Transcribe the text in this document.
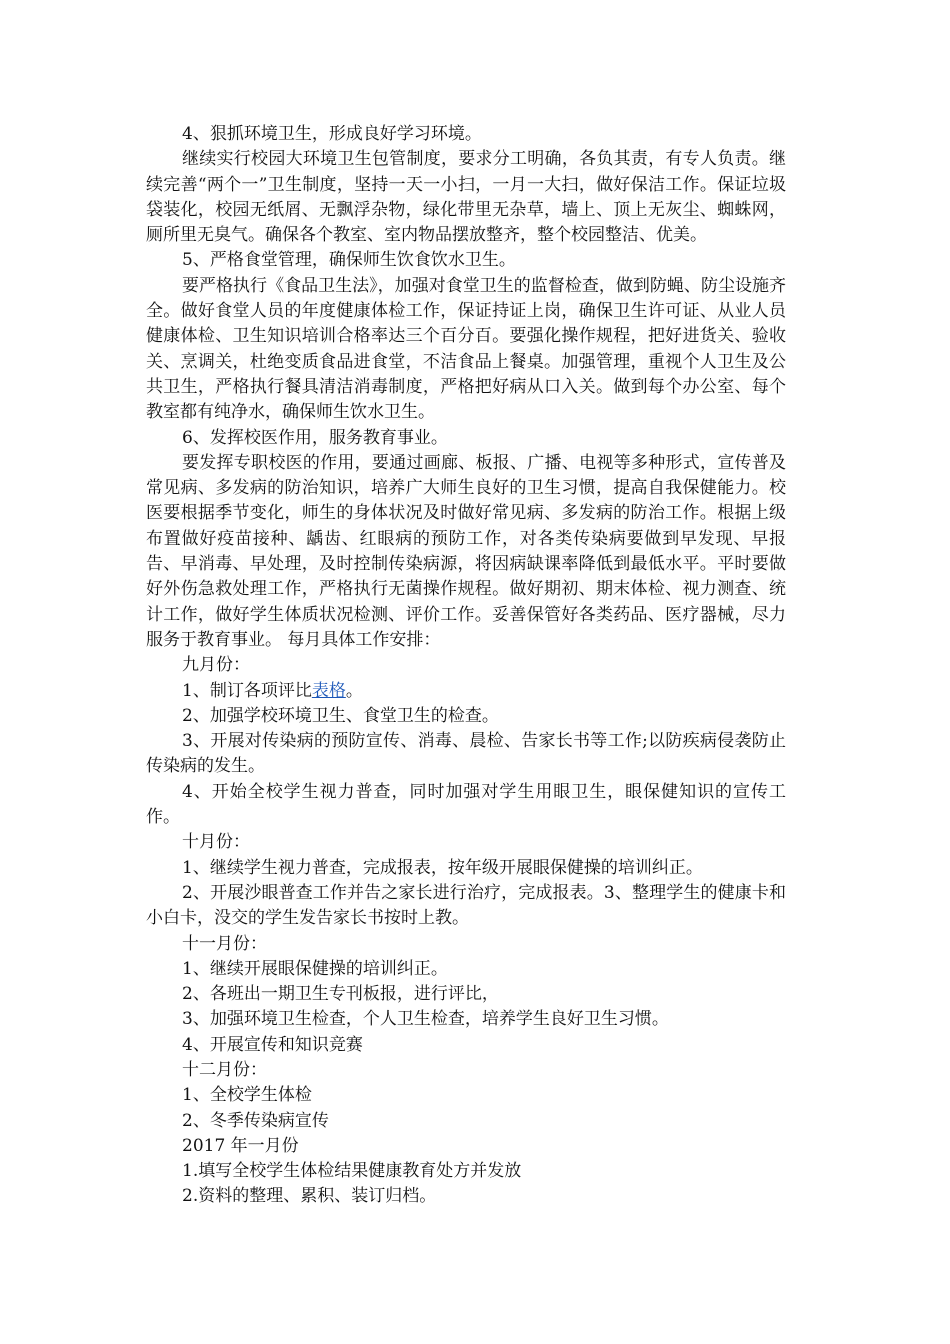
4、狠抓环境卫生，形成良好学习环境。

继续实行校园大环境卫生包管制度，要求分工明确，各负其责，有专人负责。继续完善“两个一”卫生制度，坚持一天一小扫，一月一大扫，做好保洁工作。保证垃圾袋装化，校园无纸屑、无飘浮杂物，绿化带里无杂草，墙上、顶上无灰尘、蜘蛛网，厕所里无臭气。确保各个教室、室内物品摆放整齐，整个校园整洁、优美。

5、严格食堂管理，确保师生饮食饮水卫生。

要严格执行《食品卫生法》，加强对食堂卫生的监督检查，做到防蝇、防尘设施齐全。做好食堂人员的年度健康体检工作，保证持证上岗，确保卫生许可证、从业人员健康体检、卫生知识培训合格率达三个百分百。要强化操作规程，把好进货关、验收关、烹调关，杜绝变质食品进食堂，不洁食品上餐桌。加强管理，重视个人卫生及公共卫生，严格执行餐具清洁消毒制度，严格把好病从口入关。做到每个办公室、每个教室都有纯净水，确保师生饮水卫生。

6、发挥校医作用，服务教育事业。

要发挥专职校医的作用，要通过画廊、板报、广播、电视等多种形式，宣传普及常见病、多发病的防治知识，培养广大师生良好的卫生习惯，提高自我保健能力。校医要根据季节变化，师生的身体状况及时做好常见病、多发病的防治工作。根据上级布置做好疫苗接种、龋齿、红眼病的预防工作，对各类传染病要做到早发现、早报告、早消毒、早处理，及时控制传染病源，将因病缺课率降低到最低水平。平时要做好外伤急救处理工作，严格执行无菌操作规程。做好期初、期末体检、视力测查、统计工作，做好学生体质状况检测、评价工作。妥善保管好各类药品、医疗器械，尽力服务于教育事业。 每月具体工作安排：

九月份：

1、制订各项评比表格。

2、加强学校环境卫生、食堂卫生的检查。

3、开展对传染病的预防宣传、消毒、晨检、告家长书等工作;以防疾病侵袭防止传染病的发生。

4、开始全校学生视力普查，同时加强对学生用眼卫生，眼保健知识的宣传工作。

十月份：

1、继续学生视力普查，完成报表，按年级开展眼保健操的培训纠正。

2、开展沙眼普查工作并告之家长进行治疗，完成报表。3、整理学生的健康卡和小白卡，没交的学生发告家长书按时上教。

十一月份：

1、继续开展眼保健操的培训纠正。

2、各班出一期卫生专刊板报，进行评比，

3、加强环境卫生检查，个人卫生检查，培养学生良好卫生习惯。

4、开展宣传和知识竞赛

十二月份：

1、全校学生体检

2、冬季传染病宣传

2017 年一月份

1.填写全校学生体检结果健康教育处方并发放

2.资料的整理、累积、装订归档。
